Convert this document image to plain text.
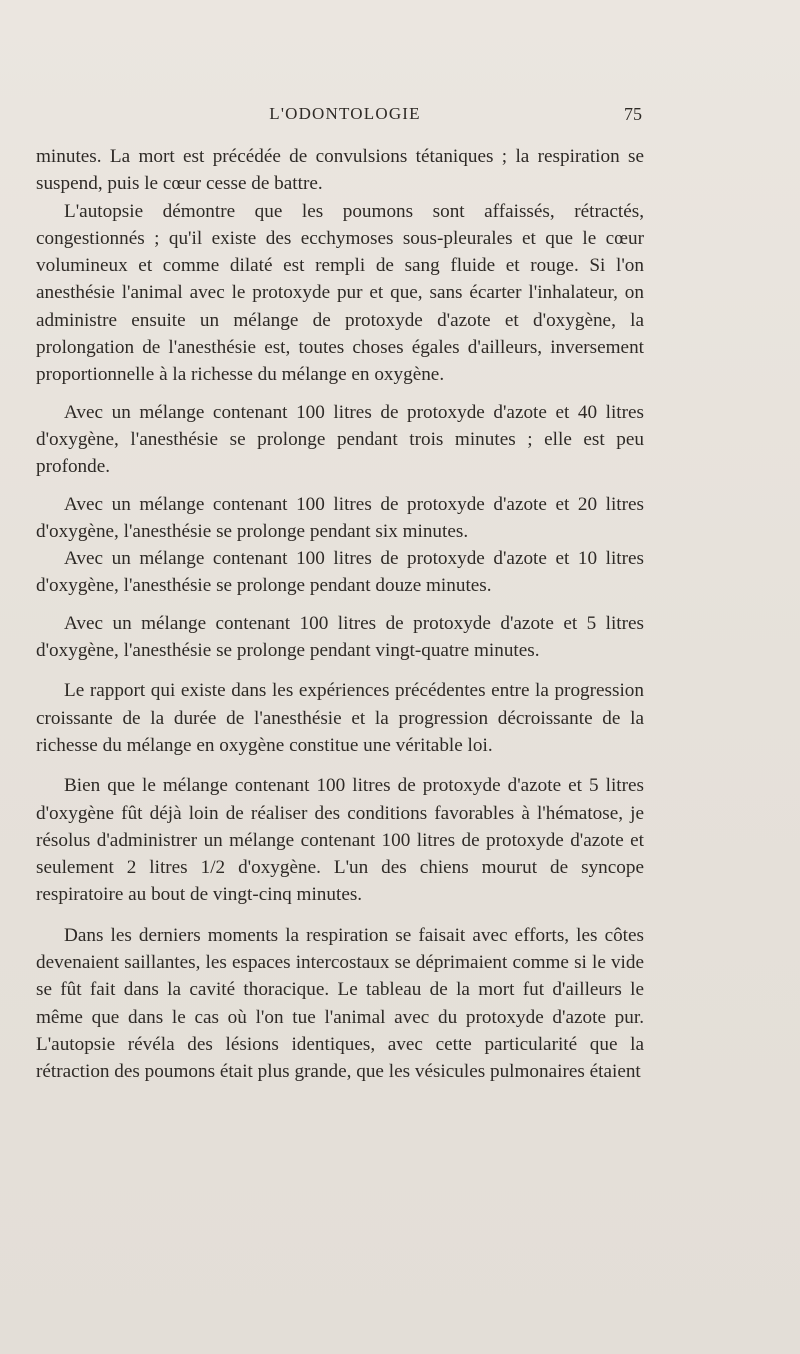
L'ODONTOLOGIE	75

minutes. La mort est précédée de convulsions tétaniques ; la respiration se suspend, puis le cœur cesse de battre.

L'autopsie démontre que les poumons sont affaissés, rétractés, congestionnés ; qu'il existe des ecchymoses sous-pleurales et que le cœur volumineux et comme dilaté est rempli de sang fluide et rouge. Si l'on anesthésie l'animal avec le protoxyde pur et que, sans écarter l'inhalateur, on administre ensuite un mélange de protoxyde d'azote et d'oxygène, la prolongation de l'anesthésie est, toutes choses égales d'ailleurs, inversement proportionnelle à la richesse du mélange en oxygène.

Avec un mélange contenant 100 litres de protoxyde d'azote et 40 litres d'oxygène, l'anesthésie se prolonge pendant trois minutes ; elle est peu profonde.

Avec un mélange contenant 100 litres de protoxyde d'azote et 20 litres d'oxygène, l'anesthésie se prolonge pendant six minutes.

Avec un mélange contenant 100 litres de protoxyde d'azote et 10 litres d'oxygène, l'anesthésie se prolonge pendant douze minutes.

Avec un mélange contenant 100 litres de protoxyde d'azote et 5 litres d'oxygène, l'anesthésie se prolonge pendant vingt-quatre minutes.

Le rapport qui existe dans les expériences précédentes entre la progression croissante de la durée de l'anesthésie et la progression décroissante de la richesse du mélange en oxygène constitue une véritable loi.

Bien que le mélange contenant 100 litres de protoxyde d'azote et 5 litres d'oxygène fût déjà loin de réaliser des conditions favorables à l'hématose, je résolus d'administrer un mélange contenant 100 litres de protoxyde d'azote et seulement 2 litres 1/2 d'oxygène. L'un des chiens mourut de syncope respiratoire au bout de vingt-cinq minutes.

Dans les derniers moments la respiration se faisait avec efforts, les côtes devenaient saillantes, les espaces intercostaux se déprimaient comme si le vide se fût fait dans la cavité thoracique. Le tableau de la mort fut d'ailleurs le même que dans le cas où l'on tue l'animal avec du protoxyde d'azote pur. L'autopsie révéla des lésions identiques, avec cette particularité que la rétraction des poumons était plus grande, que les vésicules pulmonaires étaient
